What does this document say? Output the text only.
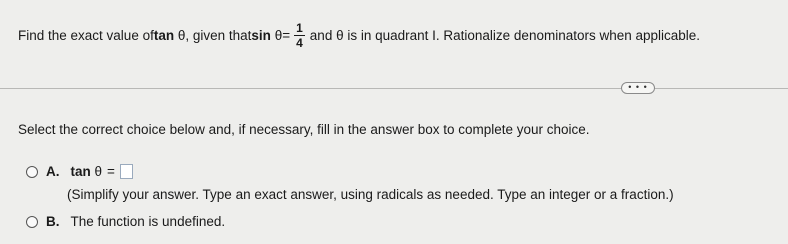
Find the exact value of tan
θ , given that sin
$\theta = \frac{1}{4}$ and θ is in quadrant I. Rationalize denominators when applicable.
• • •
Select the correct choice below and, if necessary, fill in the answer box to complete your choice.
A. tan
θ =
(Simplify your answer. Type an exact answer, using radicals as needed. Type an integer or a fraction.)
B. The function is undefined.
